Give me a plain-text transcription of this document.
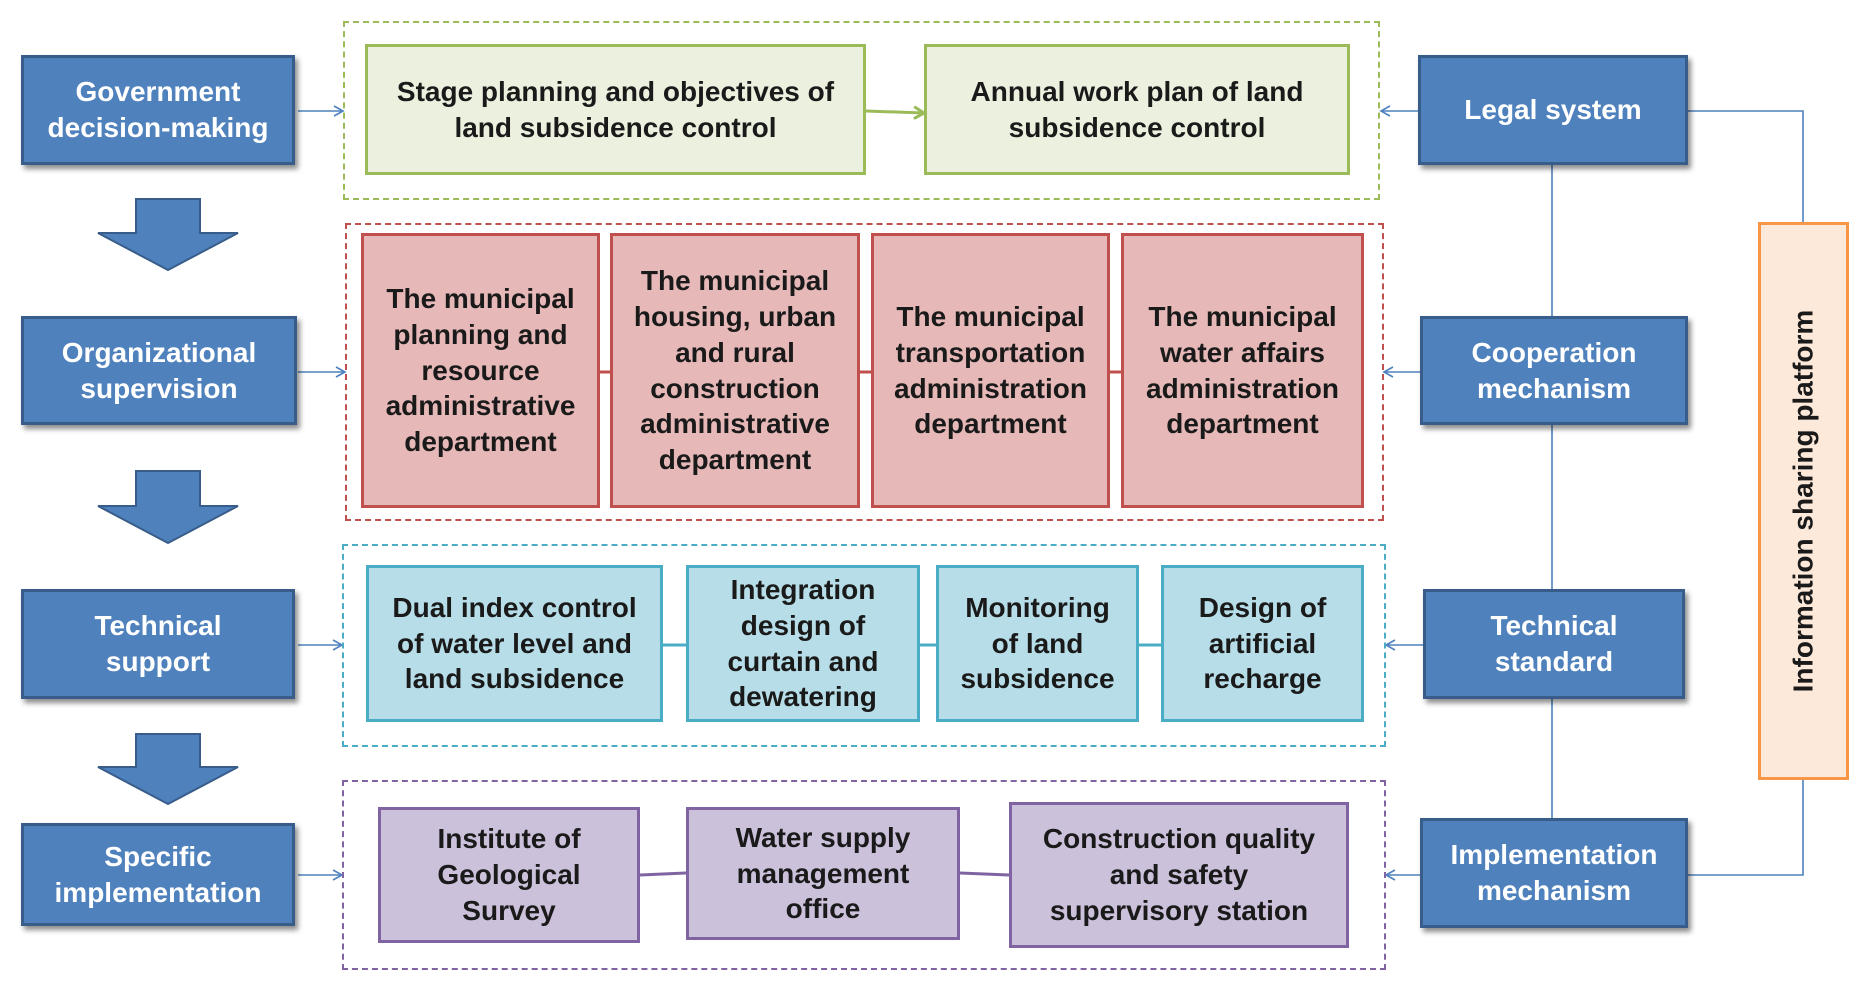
Government
decision-making
Organizational
supervision
Technical
support
Specific
implementation
Legal system
Cooperation
mechanism
Technical
standard
Implementation
mechanism
Information sharing platform
Stage planning and objectives of
land subsidence control
Annual work plan of land
subsidence control
The municipal
planning and
resource
administrative
department
The municipal
housing, urban
and rural
construction
administrative
department
The municipal
transportation
administration
department
The municipal
water affairs
administration
department
Dual index control
of water level and
land subsidence
Integration
design of
curtain and
dewatering
Monitoring
of land
subsidence
Design of
artificial
recharge
Institute of
Geological
Survey
Water supply
management
office
Construction quality
and safety
supervisory station
